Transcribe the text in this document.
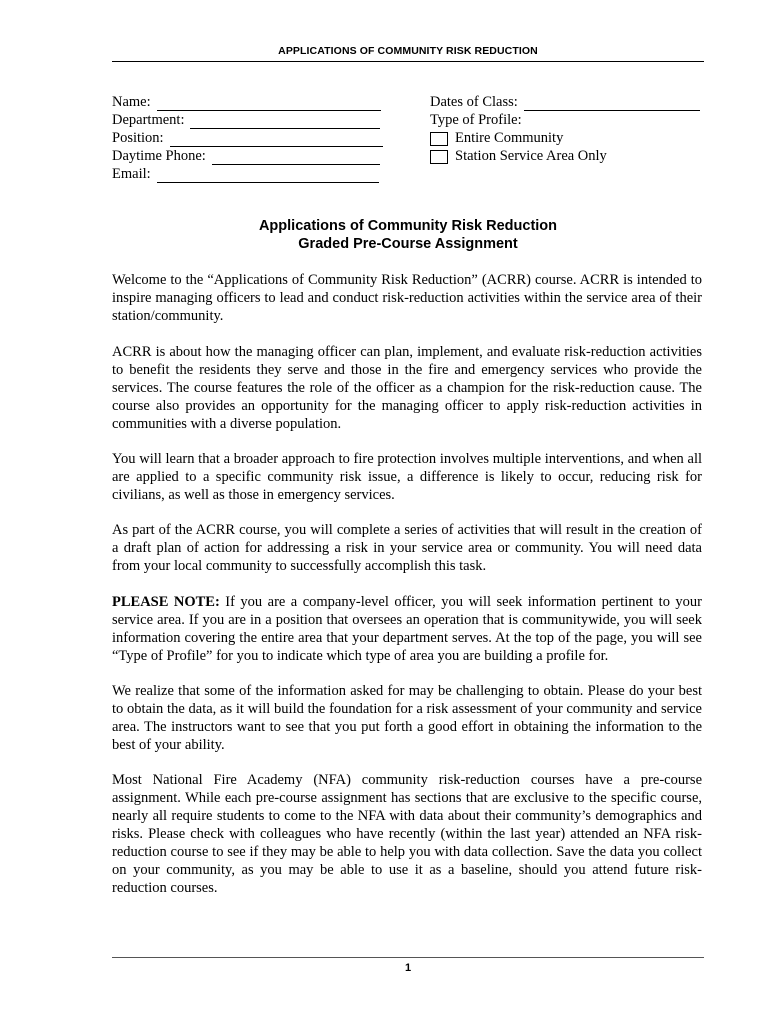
APPLICATIONS OF COMMUNITY RISK REDUCTION
Name:
Department:
Position:
Daytime Phone:
Email:
Dates of Class:
Type of Profile:
Entire Community
Station Service Area Only
Applications of Community Risk Reduction
Graded Pre-Course Assignment

Welcome to the “Applications of Community Risk Reduction” (ACRR) course. ACRR is intended to inspire managing officers to lead and conduct risk-reduction activities within the service area of their station/community.

ACRR is about how the managing officer can plan, implement, and evaluate risk-reduction activities to benefit the residents they serve and those in the fire and emergency services who provide the services. The course features the role of the officer as a champion for the risk-reduction cause. The course also provides an opportunity for the managing officer to apply risk-reduction activities in communities with a diverse population.

You will learn that a broader approach to fire protection involves multiple interventions, and when all are applied to a specific community risk issue, a difference is likely to occur, reducing risk for civilians, as well as those in emergency services.

As part of the ACRR course, you will complete a series of activities that will result in the creation of a draft plan of action for addressing a risk in your service area or community. You will need data from your local community to successfully accomplish this task.

PLEASE NOTE: If you are a company-level officer, you will seek information pertinent to your service area. If you are in a position that oversees an operation that is communitywide, you will seek information covering the entire area that your department serves. At the top of the page, you will see “Type of Profile” for you to indicate which type of area you are building a profile for.

We realize that some of the information asked for may be challenging to obtain. Please do your best to obtain the data, as it will build the foundation for a risk assessment of your community and service area. The instructors want to see that you put forth a good effort in obtaining the information to the best of your ability.

Most National Fire Academy (NFA) community risk-reduction courses have a pre-course assignment. While each pre-course assignment has sections that are exclusive to the specific course, nearly all require students to come to the NFA with data about their community’s demographics and risks. Please check with colleagues who have recently (within the last year) attended an NFA risk-reduction course to see if they may be able to help you with data collection. Save the data you collect on your community, as you may be able to use it as a baseline, should you attend future risk-reduction courses.

1
